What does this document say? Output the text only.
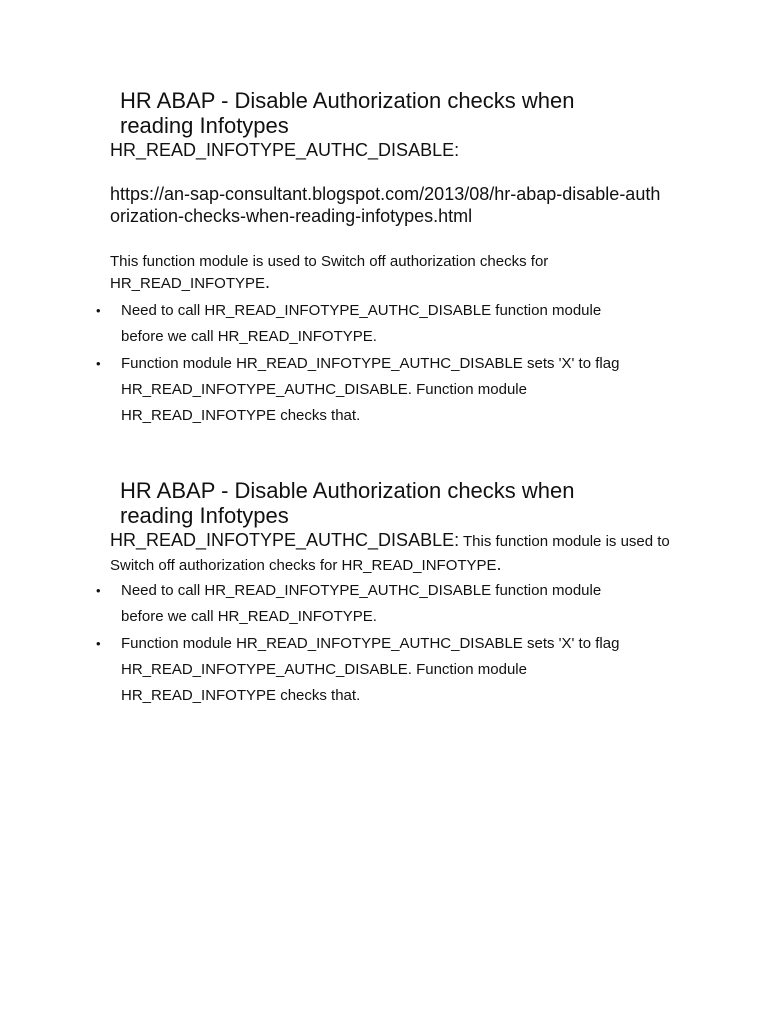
HR ABAP - Disable Authorization checks when reading Infotypes

HR_READ_INFOTYPE_AUTHC_DISABLE:

https://an-sap-consultant.blogspot.com/2013/08/hr-abap-disable-authorization-checks-when-reading-infotypes.html

This function module is used to Switch off authorization checks for HR_READ_INFOTYPE.

• Need to call HR_READ_INFOTYPE_AUTHC_DISABLE function module before we call HR_READ_INFOTYPE.
• Function module HR_READ_INFOTYPE_AUTHC_DISABLE sets 'X' to flag HR_READ_INFOTYPE_AUTHC_DISABLE. Function module HR_READ_INFOTYPE checks that.
HR ABAP - Disable Authorization checks when reading Infotypes

HR_READ_INFOTYPE_AUTHC_DISABLE: This function module is used to Switch off authorization checks for HR_READ_INFOTYPE.

• Need to call HR_READ_INFOTYPE_AUTHC_DISABLE function module before we call HR_READ_INFOTYPE.
• Function module HR_READ_INFOTYPE_AUTHC_DISABLE sets 'X' to flag HR_READ_INFOTYPE_AUTHC_DISABLE. Function module HR_READ_INFOTYPE checks that.
